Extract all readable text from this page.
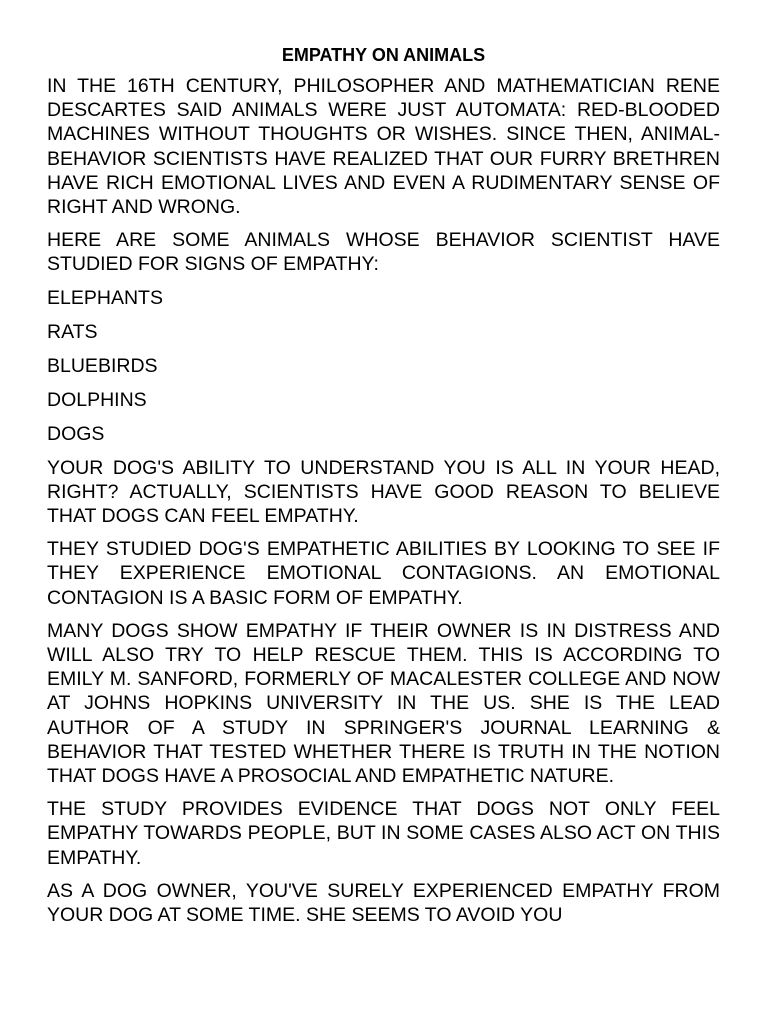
EMPATHY ON ANIMALS

IN THE 16TH CENTURY, PHILOSOPHER AND MATHEMATICIAN RENE DESCARTES SAID ANIMALS WERE JUST AUTOMATA: RED-BLOODED MACHINES WITHOUT THOUGHTS OR WISHES. SINCE THEN, ANIMAL-BEHAVIOR SCIENTISTS HAVE REALIZED THAT OUR FURRY BRETHREN HAVE RICH EMOTIONAL LIVES AND EVEN A RUDIMENTARY SENSE OF RIGHT AND WRONG.

HERE ARE SOME ANIMALS WHOSE BEHAVIOR SCIENTIST HAVE STUDIED FOR SIGNS OF EMPATHY:

ELEPHANTS
RATS
BLUEBIRDS
DOLPHINS
DOGS

YOUR DOG'S ABILITY TO UNDERSTAND YOU IS ALL IN YOUR HEAD, RIGHT? ACTUALLY, SCIENTISTS HAVE GOOD REASON TO BELIEVE THAT DOGS CAN FEEL EMPATHY.

THEY STUDIED DOG'S EMPATHETIC ABILITIES BY LOOKING TO SEE IF THEY EXPERIENCE EMOTIONAL CONTAGIONS. AN EMOTIONAL CONTAGION IS A BASIC FORM OF EMPATHY.

MANY DOGS SHOW EMPATHY IF THEIR OWNER IS IN DISTRESS AND WILL ALSO TRY TO HELP RESCUE THEM. THIS IS ACCORDING TO EMILY M. SANFORD, FORMERLY OF MACALESTER COLLEGE AND NOW AT JOHNS HOPKINS UNIVERSITY IN THE US. SHE IS THE LEAD AUTHOR OF A STUDY IN SPRINGER'S JOURNAL LEARNING & BEHAVIOR THAT TESTED WHETHER THERE IS TRUTH IN THE NOTION THAT DOGS HAVE A PROSOCIAL AND EMPATHETIC NATURE.

THE STUDY PROVIDES EVIDENCE THAT DOGS NOT ONLY FEEL EMPATHY TOWARDS PEOPLE, BUT IN SOME CASES ALSO ACT ON THIS EMPATHY.

AS A DOG OWNER, YOU'VE SURELY EXPERIENCED EMPATHY FROM YOUR DOG AT SOME TIME. SHE SEEMS TO AVOID YOU
